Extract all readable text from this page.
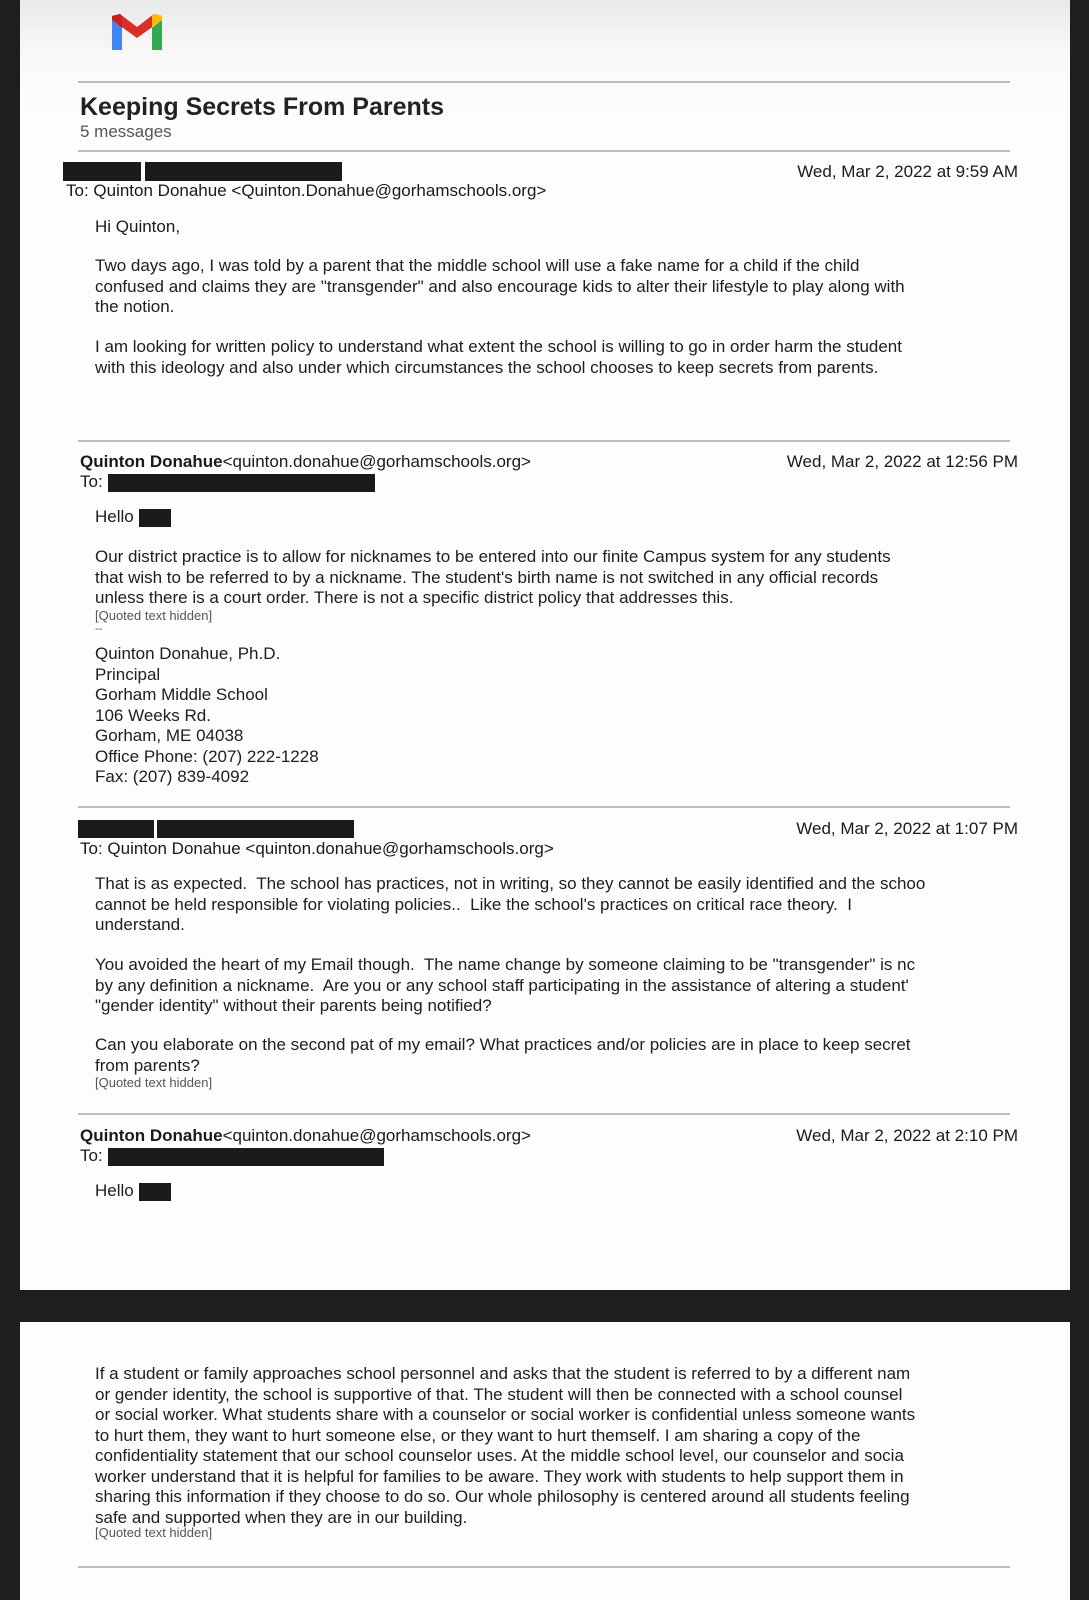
Keeping Secrets From Parents
5 messages
Wed, Mar 2, 2022 at 9:59 AM
To: Quinton Donahue <Quinton.Donahue@gorhamschools.org>
Hi Quinton,
Two days ago, I was told by a parent that the middle school will use a fake name for a child if the child
confused and claims they are "transgender" and also encourage kids to alter their lifestyle to play along with
the notion.
I am looking for written policy to understand what extent the school is willing to go in order harm the student
with this ideology and also under which circumstances the school chooses to keep secrets from parents.
Quinton Donahue<quinton.donahue@gorhamschools.org>	Wed, Mar 2, 2022 at 12:56 PM
To:
Hello
Our district practice is to allow for nicknames to be entered into our finite Campus system for any students
that wish to be referred to by a nickname. The student's birth name is not switched in any official records
unless there is a court order. There is not a specific district policy that addresses this.
[Quoted text hidden]
--
Quinton Donahue, Ph.D.
Principal
Gorham Middle School
106 Weeks Rd.
Gorham, ME 04038
Office Phone: (207) 222-1228
Fax: (207) 839-4092
Wed, Mar 2, 2022 at 1:07 PM
To: Quinton Donahue <quinton.donahue@gorhamschools.org>
That is as expected.  The school has practices, not in writing, so they cannot be easily identified and the schoo
cannot be held responsible for violating policies..  Like the school's practices on critical race theory.  I
understand.
You avoided the heart of my Email though.  The name change by someone claiming to be "transgender" is nc
by any definition a nickname.  Are you or any school staff participating in the assistance of altering a student'
"gender identity" without their parents being notified?
Can you elaborate on the second pat of my email? What practices and/or policies are in place to keep secret
from parents?
[Quoted text hidden]
Quinton Donahue<quinton.donahue@gorhamschools.org>	Wed, Mar 2, 2022 at 2:10 PM
To:
Hello
If a student or family approaches school personnel and asks that the student is referred to by a different nam
or gender identity, the school is supportive of that. The student will then be connected with a school counsel
or social worker. What students share with a counselor or social worker is confidential unless someone wants
to hurt them, they want to hurt someone else, or they want to hurt themself. I am sharing a copy of the
confidentiality statement that our school counselor uses. At the middle school level, our counselor and socia
worker understand that it is helpful for families to be aware. They work with students to help support them in
sharing this information if they choose to do so. Our whole philosophy is centered around all students feeling
safe and supported when they are in our building.
[Quoted text hidden]
